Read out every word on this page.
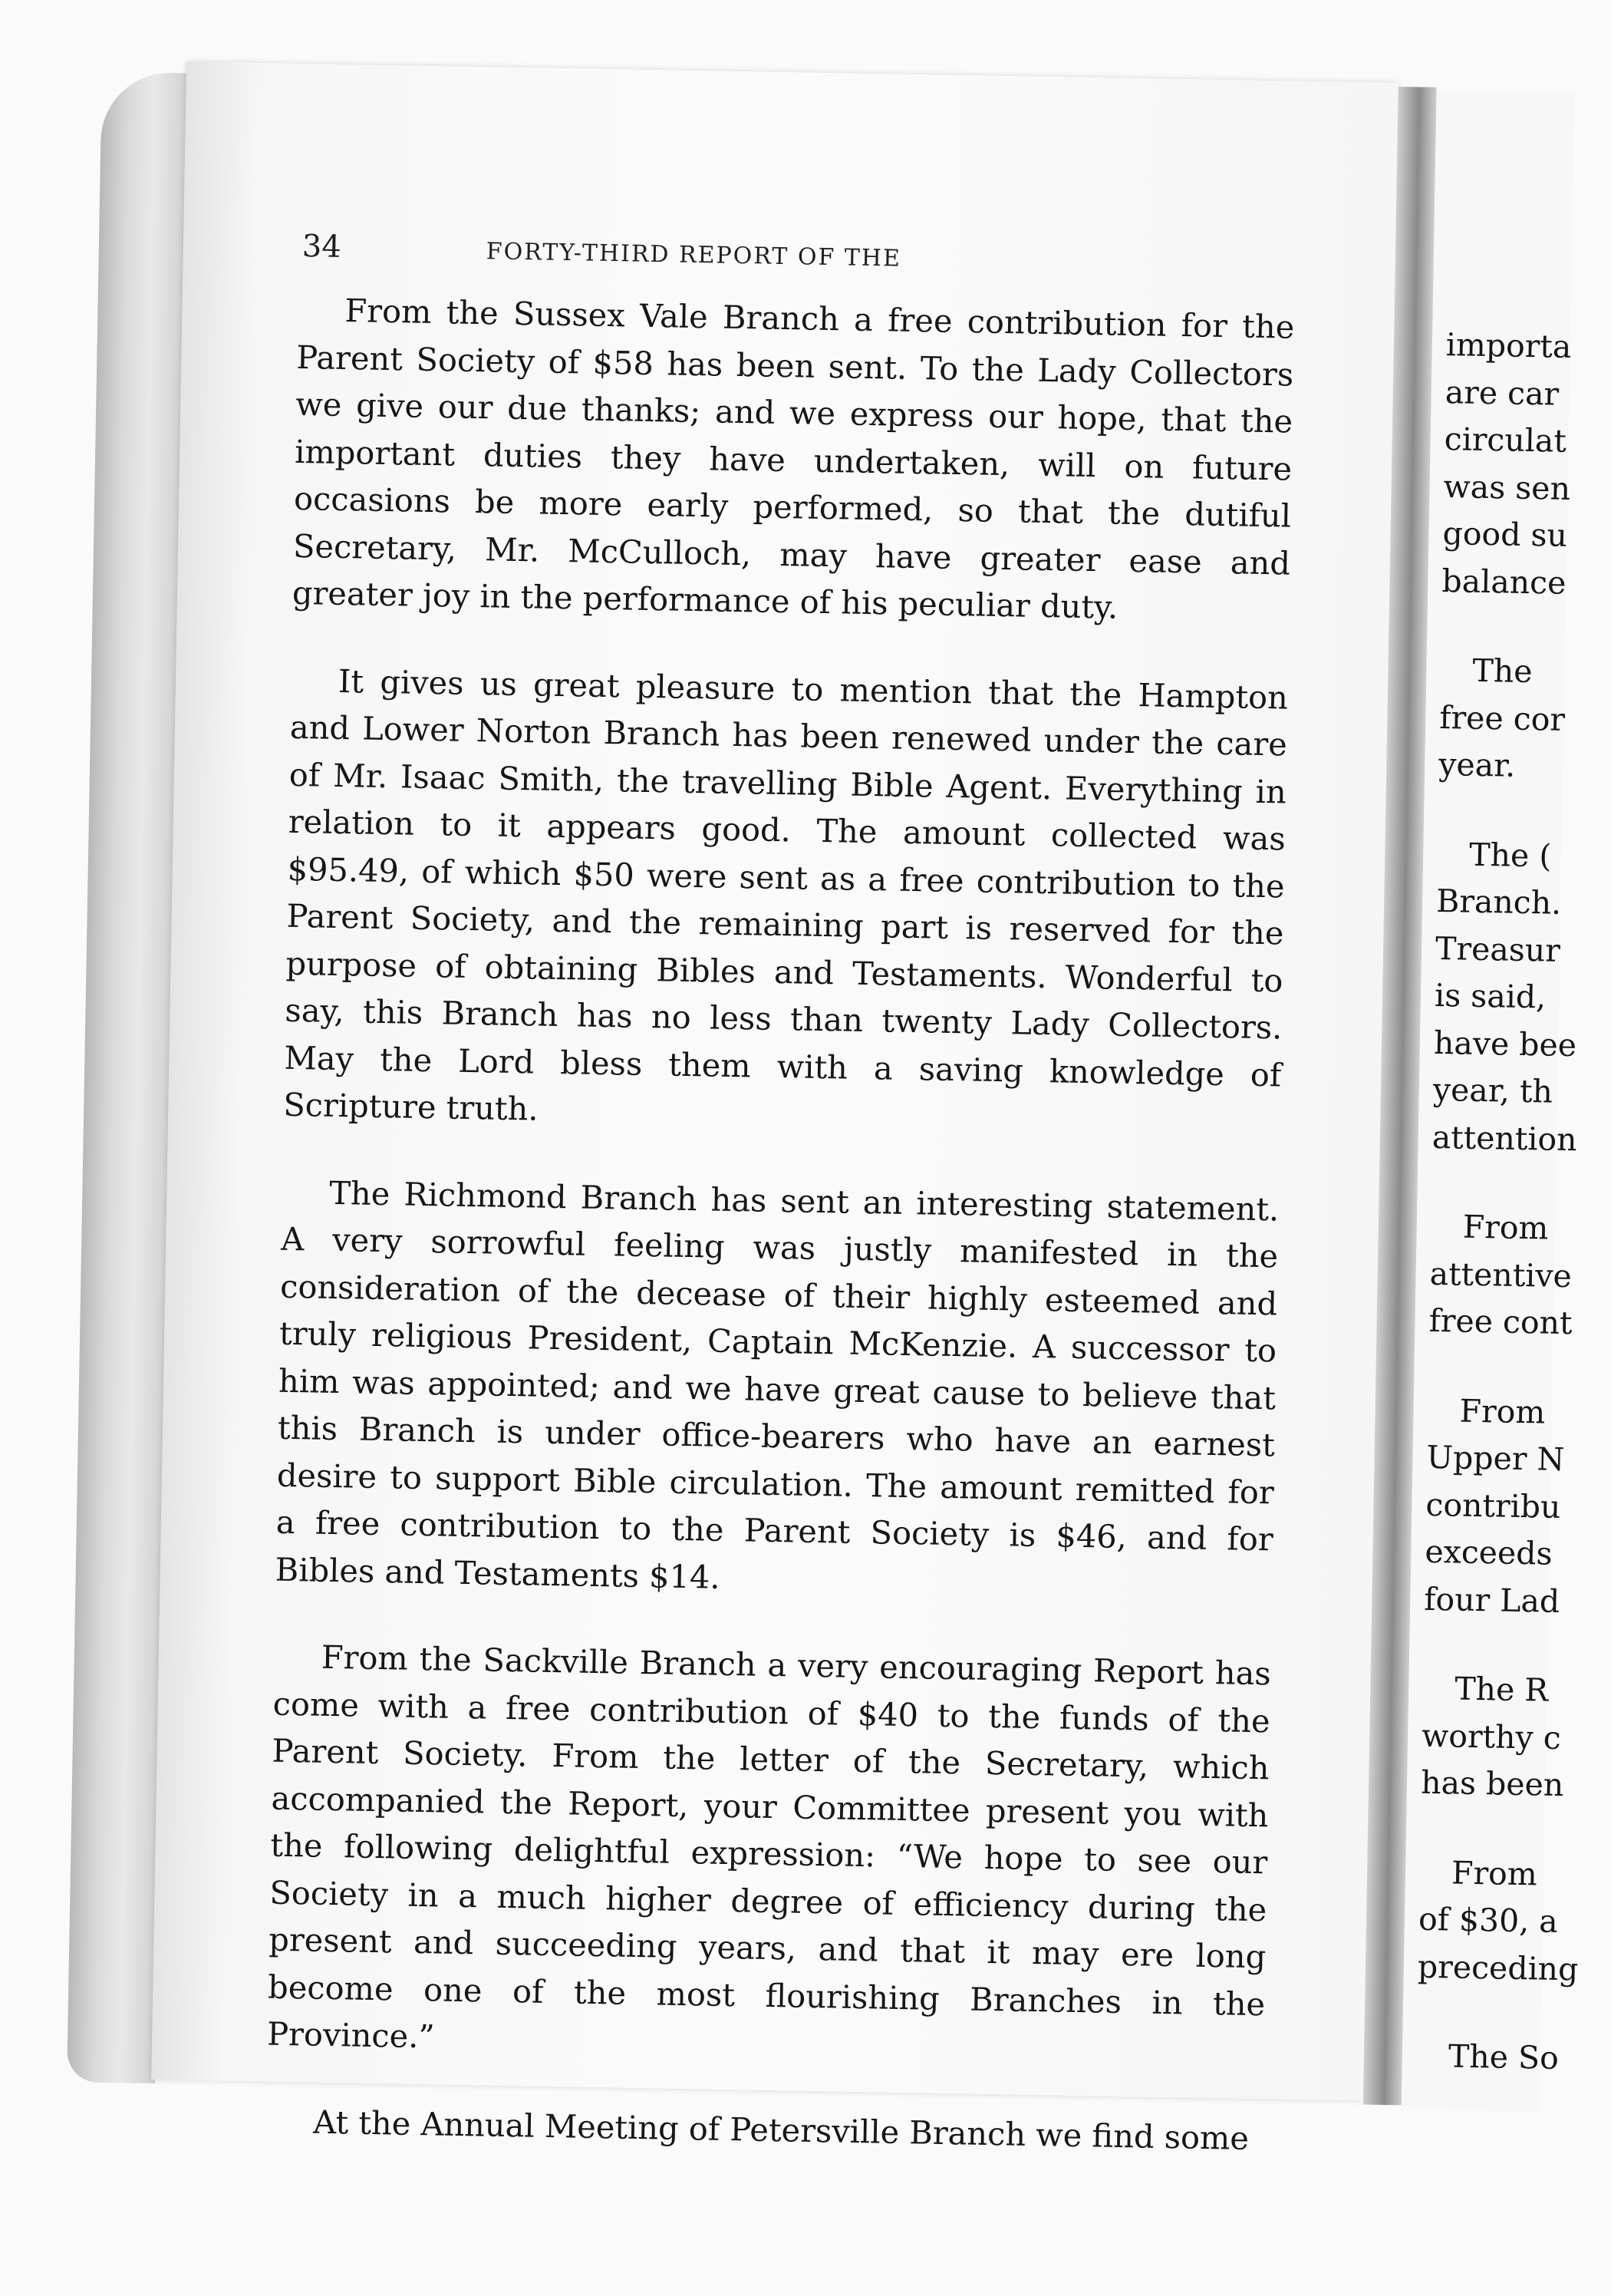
34	FORTY-THIRD REPORT OF THE

From the Sussex Vale Branch a free contribution for the Parent Society of $58 has been sent. To the Lady Collectors we give our due thanks; and we express our hope, that the important duties they have undertaken, will on future occasions be more early performed, so that the dutiful Secretary, Mr. McCulloch, may have greater ease and greater joy in the performance of his peculiar duty.

It gives us great pleasure to mention that the Hampton and Lower Norton Branch has been renewed under the care of Mr. Isaac Smith, the travelling Bible Agent. Everything in relation to it appears good. The amount collected was $95.49, of which $50 were sent as a free contribution to the Parent Society, and the remaining part is reserved for the purpose of obtaining Bibles and Testaments. Wonderful to say, this Branch has no less than twenty Lady Collectors. May the Lord bless them with a saving knowledge of Scripture truth.

The Richmond Branch has sent an interesting statement. A very sorrowful feeling was justly manifested in the consideration of the decease of their highly esteemed and truly religious President, Captain McKenzie. A successor to him was appointed; and we have great cause to believe that this Branch is under office-bearers who have an earnest desire to support Bible circulation. The amount remitted for a free contribution to the Parent Society is $46, and for Bibles and Testaments $14.

From the Sackville Branch a very encouraging Report has come with a free contribution of $40 to the funds of the Parent Society. From the letter of the Secretary, which accompanied the Report, your Committee present you with the following delightful expression: “We hope to see our Society in a much higher degree of efficiency during the present and succeeding years, and that it may ere long become one of the most flourishing Branches in the Province.”

At the Annual Meeting of Petersville Branch we find some

importa
are car
circulat
was sen
good su
balance
The
free cor
year.
The (
Branch.
Treasur
is said,
have bee
year, th
attention
From
attentive
free cont
From
Upper N
contribu
exceeds
four Lad
The R
worthy c
has been
From
of $30, a
preceding
The So
